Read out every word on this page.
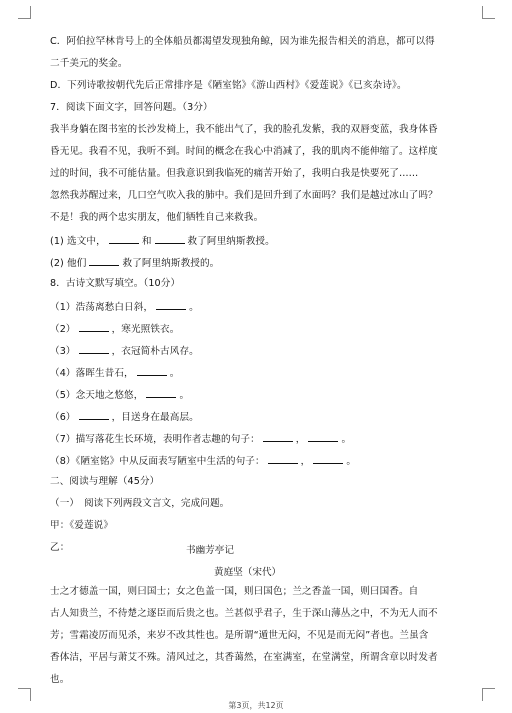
C．阿伯拉罕林肯号上的全体船员都渴望发现独角鲸，因为谁先报告相关的消息，都可以得
二千美元的奖金。
D．下列诗歌按朝代先后正常排序是《陋室铭》《游山西村》《爱莲说》《已亥杂诗》。
7．阅读下面文字，回答问题。（3分）
我半身躺在图书室的长沙发椅上，我不能出气了，我的脸孔发紫，我的双唇变蓝，我身体昏
昏无见。我看不见，我听不到。时间的概念在我心中消减了，我的肌肉不能伸缩了。这样度
过的时间，我不可能估量。但我意识到我临死的痛苦开始了，我明白我是快要死了……
忽然我苏醒过来，几口空气吹入我的肺中。我们是回升到了水面吗？我们是越过冰山了吗？
不是！我的两个忠实朋友，他们牺牲自己来救我。
(1) 选文中，	和	救了阿里纳斯教授。
(2) 他们	救了阿里纳斯教授的。
8．古诗文默写填空。（10分）
（1）浩荡离愁白日斜，	。
（2）	，寒光照铁衣。
（3）	，衣冠简朴古风存。
（4）落晖生昔石，	。
（5）念天地之悠悠，	。
（6）	，目送身在最高层。
（7）描写落花生长环境，表明作者志趣的句子：	，	。
（8）《陋室铭》中从反面表写陋室中生活的句子：	，	。
二、阅读与理解（45分）
（一）　阅读下列两段文言文，完成问题。
甲：《爱莲说》
乙：	书幽芳亭记
黄庭坚（宋代）
士之才德盖一国，则曰国士；女之色盖一国，则曰国色；兰之香盖一国，则曰国香。自
古人知贵兰，不待楚之逐臣而后贵之也。兰甚似乎君子，生于深山薄丛之中，不为无人而不
芳；雪霜凌厉而见杀，来岁不改其性也。是所谓“遁世无闷，不见是而无闷”者也。兰虽含
香体洁，平居与萧艾不殊。清风过之，其香蔼然，在室满室，在堂满堂，所谓含章以时发者
也。
第3页，共12页
